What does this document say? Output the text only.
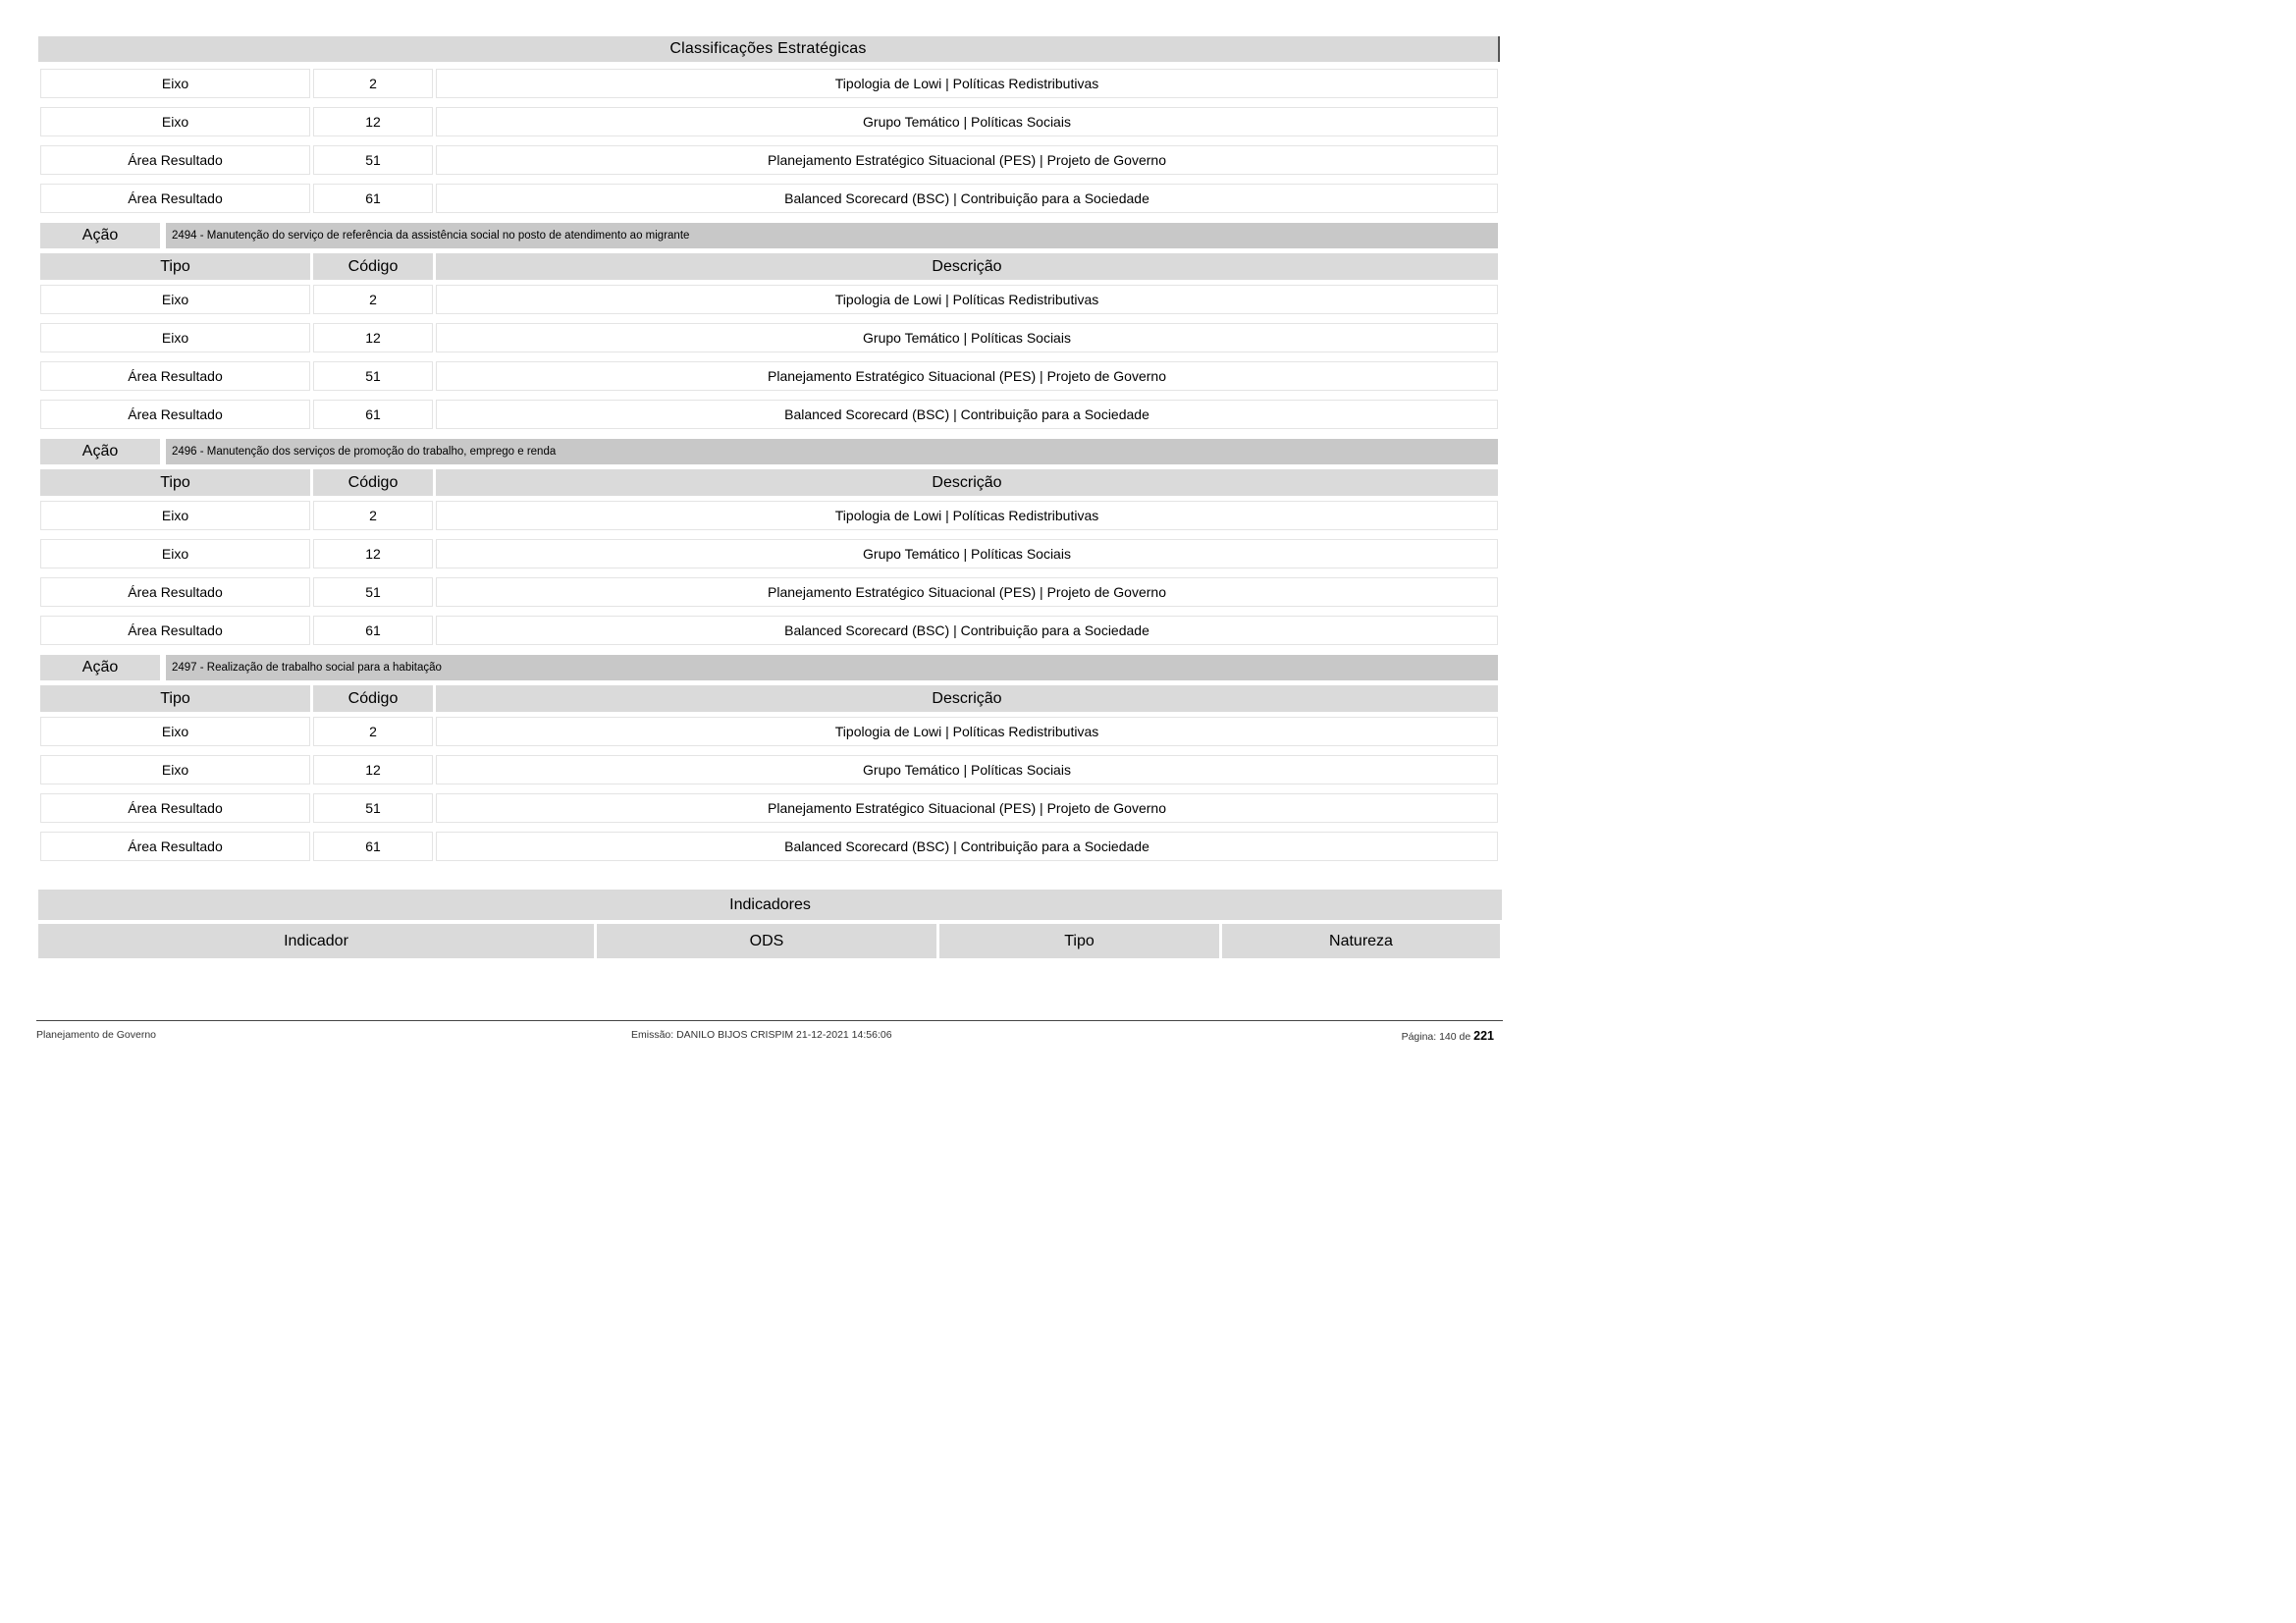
Classificações Estratégicas
Eixo	2	Tipologia de Lowi | Políticas Redistributivas
Eixo	12	Grupo Temático | Políticas Sociais
Área Resultado	51	Planejamento Estratégico Situacional (PES) | Projeto de Governo
Área Resultado	61	Balanced Scorecard (BSC) | Contribuição para a Sociedade
Ação	2494 - Manutenção do serviço de referência da assistência social no posto de atendimento ao migrante
Tipo	Código	Descrição
Eixo	2	Tipologia de Lowi | Políticas Redistributivas
Eixo	12	Grupo Temático | Políticas Sociais
Área Resultado	51	Planejamento Estratégico Situacional (PES) | Projeto de Governo
Área Resultado	61	Balanced Scorecard (BSC) | Contribuição para a Sociedade
Ação	2496 - Manutenção dos serviços de promoção do trabalho, emprego e renda
Tipo	Código	Descrição
Eixo	2	Tipologia de Lowi | Políticas Redistributivas
Eixo	12	Grupo Temático | Políticas Sociais
Área Resultado	51	Planejamento Estratégico Situacional (PES) | Projeto de Governo
Área Resultado	61	Balanced Scorecard (BSC) | Contribuição para a Sociedade
Ação	2497 - Realização de trabalho social para a habitação
Tipo	Código	Descrição
Eixo	2	Tipologia de Lowi | Políticas Redistributivas
Eixo	12	Grupo Temático | Políticas Sociais
Área Resultado	51	Planejamento Estratégico Situacional (PES) | Projeto de Governo
Área Resultado	61	Balanced Scorecard (BSC) | Contribuição para a Sociedade
Indicadores
Indicador	ODS	Tipo	Natureza
Planejamento de Governo	Emissão: DANILO BIJOS CRISPIM 21-12-2021 14:56:06	Página: 140 de 221
